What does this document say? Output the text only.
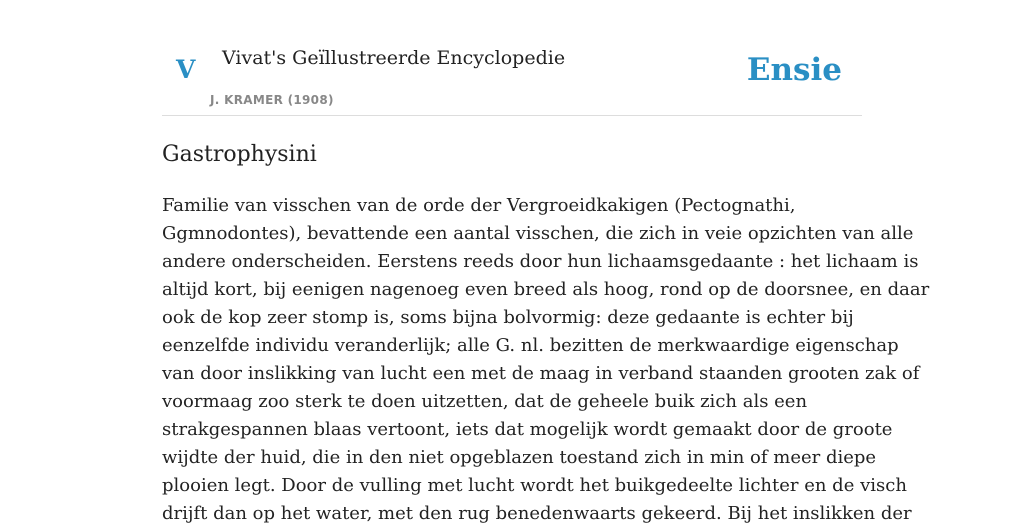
V Vivat's Geïllustreerde Encyclopedie
J. KRAMER (1908)
Ensie
Gastrophysini
Familie van visschen van de orde der Vergroeidkakigen (Pectognathi,
Ggmnodontes), bevattende een aantal visschen, die zich in veie opzichten van alle
andere onderscheiden. Eerstens reeds door hun lichaamsgedaante : het lichaam is
altijd kort, bij eenigen nagenoeg even breed als hoog, rond op de doorsnee, en daar
ook de kop zeer stomp is, soms bijna bolvormig: deze gedaante is echter bij
eenzelfde individu veranderlijk; alle G. nl. bezitten de merkwaardige eigenschap
van door inslikking van lucht een met de maag in verband staanden grooten zak of
voormaag zoo sterk te doen uitzetten, dat de geheele buik zich als een
strakgespannen blaas vertoont, iets dat mogelijk wordt gemaakt door de groote
wijdte der huid, die in den niet opgeblazen toestand zich in min of meer diepe
plooien legt. Door de vulling met lucht wordt het buikgedeelte lichter en de visch
drijft dan op het water, met den rug benedenwaarts gekeerd. Bij het inslikken der
